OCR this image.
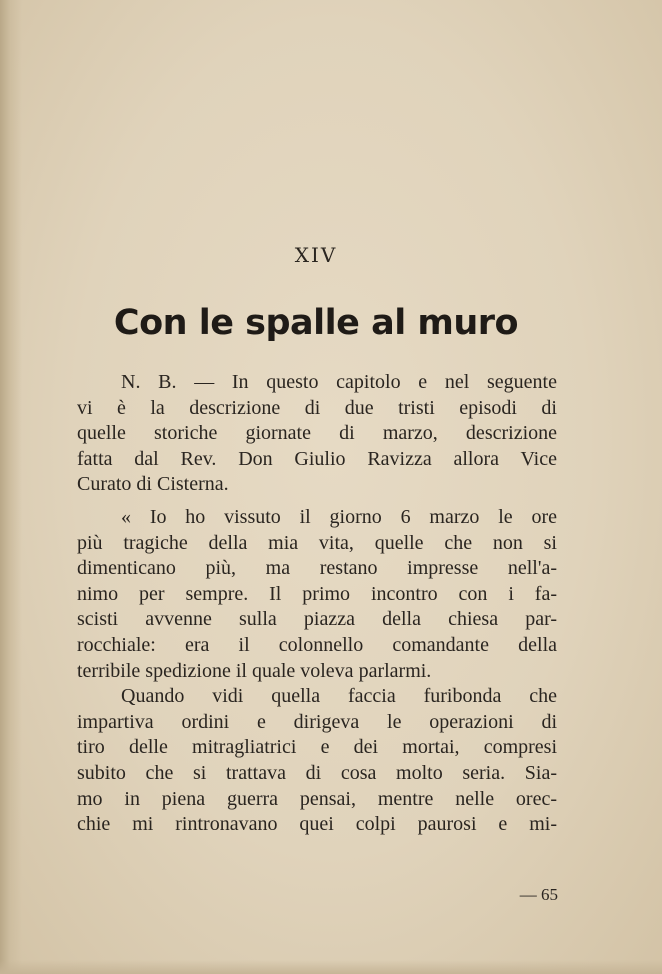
XIV
Con le spalle al muro
N. B. — In questo capitolo e nel seguente
vi è la descrizione di due tristi episodi di
quelle storiche giornate di marzo, descrizione
fatta dal Rev. Don Giulio Ravizza allora Vice
Curato di Cisterna.
« Io ho vissuto il giorno 6 marzo le ore
più tragiche della mia vita, quelle che non si
dimenticano più, ma restano impresse nell'a-
nimo per sempre. Il primo incontro con i fa-
scisti avvenne sulla piazza della chiesa par-
rocchiale: era il colonnello comandante della
terribile spedizione il quale voleva parlarmi.
Quando vidi quella faccia furibonda che
impartiva ordini e dirigeva le operazioni di
tiro delle mitragliatrici e dei mortai, compresi
subito che si trattava di cosa molto seria. Sia-
mo in piena guerra pensai, mentre nelle orec-
chie mi rintronavano quei colpi paurosi e mi-
— 65
